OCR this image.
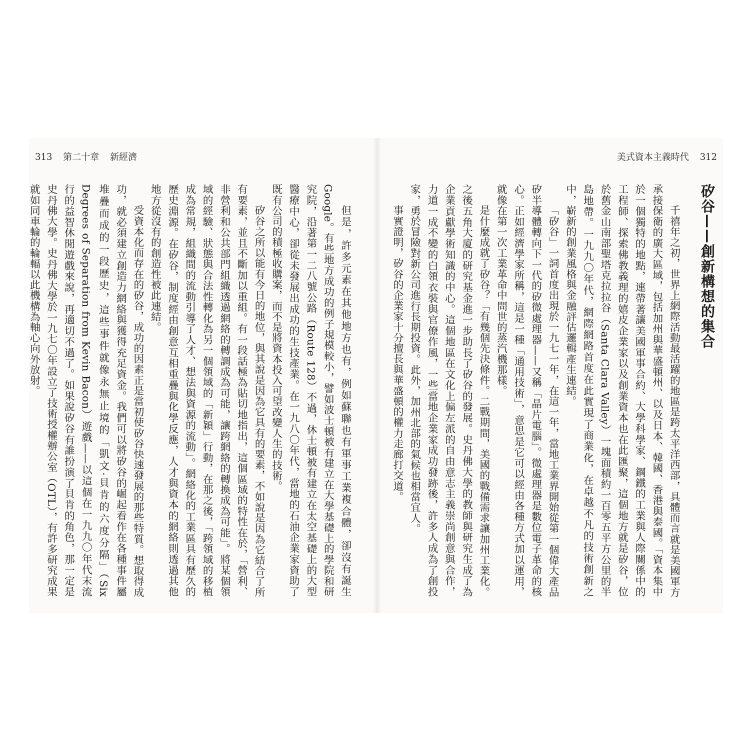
313 第二十章 新經濟

但是，許多元素在其他地方也有，例如蘇聯也有軍事工業複合體，卻沒有誕生Google。有些地方成功的例子規模較小，譬如波士頓被有建立在大學基礎上的學院和研究院，沿著第一二八號公路（Route 128）不過，休士頓被有建立在太空基礎上的大型醫療中心，卻從未發展出成功的生技產業。在一九八〇年代，當地的石油企業家資助了既有公司的積極收購案，而不是將資本投入可望改變人生的技術。

矽谷之所以能有今日的地位，與其說是因為它具有的要素，不如說是因為它結合了所有要素，並且不斷加以重組。有一段話極為貼切地指出，這個區域的特性在於，「營利、非營利和公共部門組織透過網絡的轉調成為可能，讓跨網絡的轉換成為可能」。將某個領域的經驗、狀態與合法性轉化為另一個領域的「新穎」行動，在那之後，「跨領域的移植成為常規，組織間的流動引導了人才、想法與資源的流動」。網絡化的工業區具有歷久的歷史淵源。在矽谷，制度經由創意互相重疊與化學反應，人才與資本的網絡則透過其他地方從沒有的創造性被此連結。

受資本化而存在的矽谷，成功的因素正是當初使矽谷快速發展的那些特質。想取得成功，就必須建立創造力網絡與獲得充足資金。我們可以將矽谷的崛起看作在各種事件屬堆疊而成的一段歷史，這些事件就像永無止境的「凱文·貝肯的六度分隔」（Six Degrees of Separation from Kevin Bacon）遊戲——以這個在一九九〇年代末流行的益智休閒遊戲來說，再適切不過了。如果說矽谷有誰扮演了貝肯的角色，那一定是史丹佛大學。史丹佛大學於一九七〇年設立了技術授權辦公室（OTL），有許多研究成果就如同車輪的輪輻以此機構為軸心向外放射。

美式資本主義時代 312
矽谷——創新構想的集合

千禧年之初，世界上網際活動最活躍的地區是跨太平洋西部，具體而言就是美國軍方承接保衛的廣大區域，包括加州與華盛頓州、以及日本、韓國、香港與泰國。「資本集中於一個獨特的地點，連帶著讓美國軍事合約、大學科學家、鋼鐵的工業與人際關係中的工程師、探索佛教義理的嬉皮企業家以及創業資本也在此匯聚，這個地方就是矽谷，位於舊金山南部聖塔克拉拉谷（Santa Clara Valley）一塊面積約一百零五平方公里的半島地帶。一九九〇年代，網際網路首度在此實現了商業化，在卓越不凡的技術創新之中，嶄新的創業風格與金融評估邏輯產生連結。

「矽谷」一詞首度出現於一九七一年，在這一年，當地工業界開始從第一個偉大產品矽半導體轉向下一代的矽微處理器——又稱「晶片電腦」。微處理器是數位電子革命的核心。正如經濟學家所稱，這是一種「通用技術」，意思是它可以經由各種方式加以運用，就像在第一次工業革命中問世的蒸汽機那樣。

是什麼成就了矽谷？「有幾個先決條件。二戰期間，美國的戰備需求讓加州工業化。之後五角大廈的研究基金進一步助長了矽谷的發展。史丹佛大學的教師與研究生成了為企業貢獻學術知識的中心。這個地區在文化上偏左派的自由意志主義崇尚創意與合作，力道一成不變的白領衣裝與官僚作風，一些當地企業家成功發跡後，許多人成為了創投家，勇於冒險對新公司進行長期投資。此外，加州北部的氣候也相當宜人。

事實證明，矽谷的企業家十分擅長與華盛頓的權力走廊打交道。
